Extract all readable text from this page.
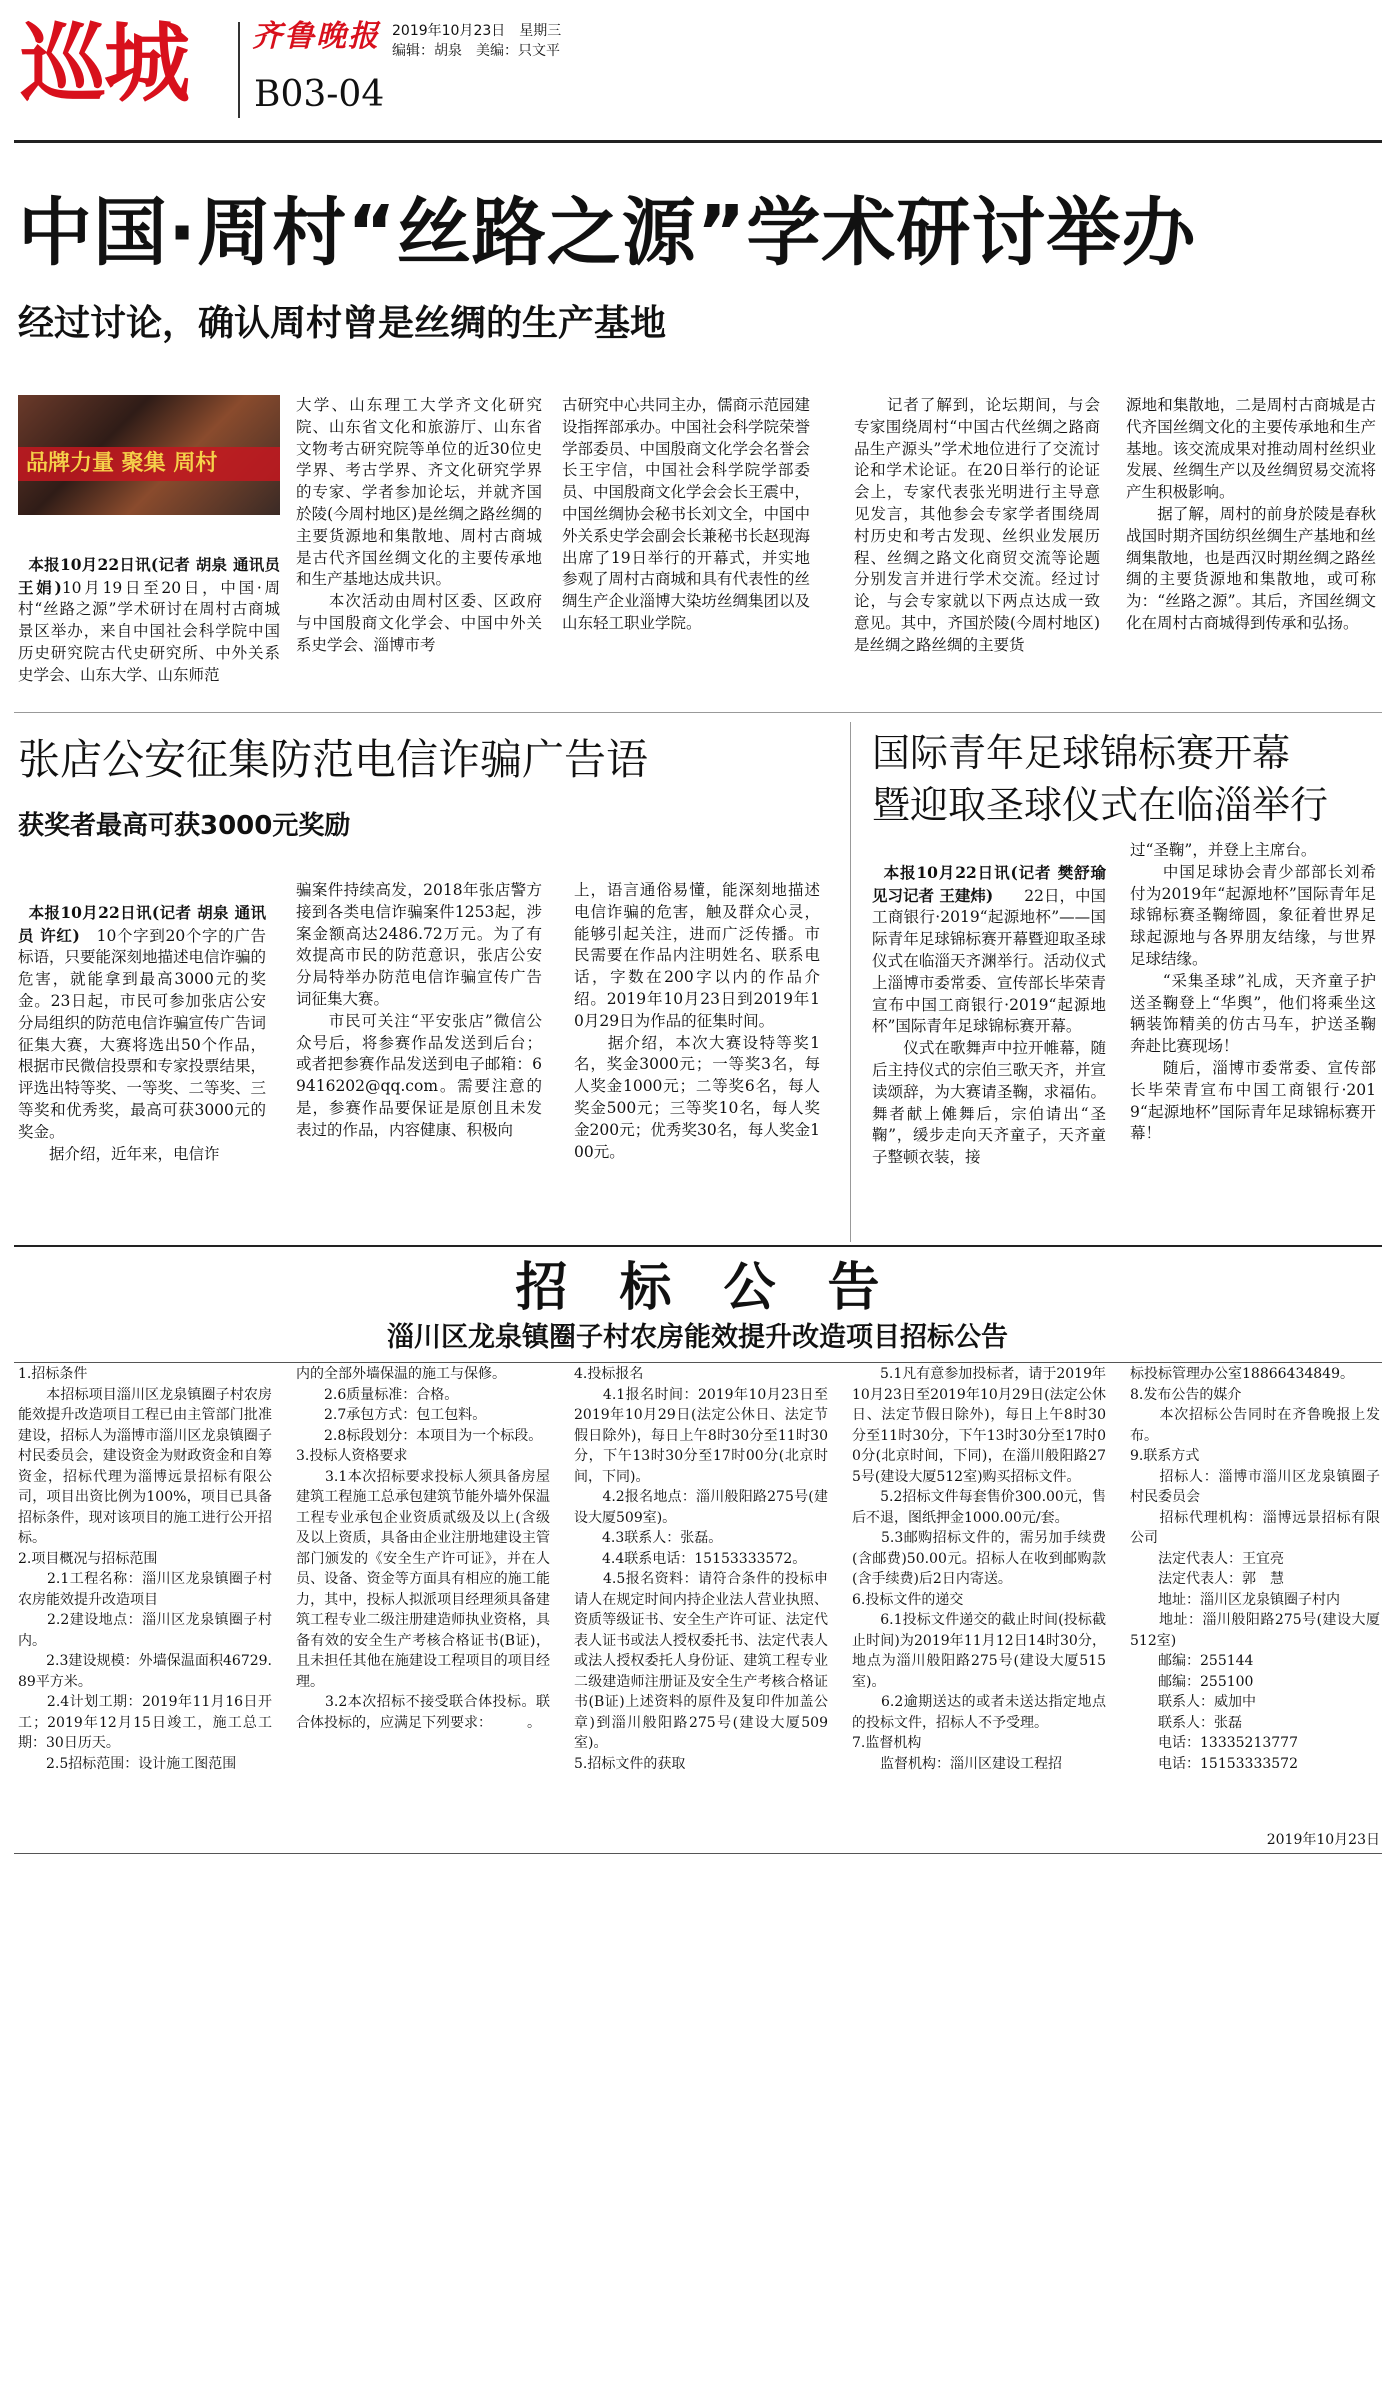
巡城 齐鲁晚报 2019年10月23日　星期三
编辑：胡泉　美编：只文平
B03-04
中国·周村“丝路之源”学术研讨举办
经过讨论，确认周村曾是丝绸的生产基地
品牌力量 聚集 周村

本报10月22日讯(记者 胡泉 通讯员 王娟)10月19日至20日，中国·周村“丝路之源”学术研讨在周村古商城景区举办，来自中国社会科学院中国历史研究院古代史研究所、中外关系史学会、山东大学、山东师范

大学、山东理工大学齐文化研究院、山东省文化和旅游厅、山东省文物考古研究院等单位的近30位史学界、考古学界、齐文化研究学界的专家、学者参加论坛，并就齐国於陵(今周村地区)是丝绸之路丝绸的主要货源地和集散地、周村古商城是古代齐国丝绸文化的主要传承地和生产基地达成共识。
　　本次活动由周村区委、区政府与中国殷商文化学会、中国中外关系史学会、淄博市考
古研究中心共同主办，儒商示范园建设指挥部承办。中国社会科学院荣誉学部委员、中国殷商文化学会名誉会长王宇信，中国社会科学院学部委员、中国殷商文化学会会长王震中，中国丝绸协会秘书长刘文全，中国中外关系史学会副会长兼秘书长赵现海出席了19日举行的开幕式，并实地参观了周村古商城和具有代表性的丝绸生产企业淄博大染坊丝绸集团以及山东轻工职业学院。
　　记者了解到，论坛期间，与会专家围绕周村“中国古代丝绸之路商品生产源头”学术地位进行了交流讨论和学术论证。在20日举行的论证会上，专家代表张光明进行主导意见发言，其他参会专家学者围绕周村历史和考古发现、丝织业发展历程、丝绸之路文化商贸交流等论题分别发言并进行学术交流。经过讨论，与会专家就以下两点达成一致意见。其中，齐国於陵(今周村地区)是丝绸之路丝绸的主要货
源地和集散地，二是周村古商城是古代齐国丝绸文化的主要传承地和生产基地。该交流成果对推动周村丝织业发展、丝绸生产以及丝绸贸易交流将产生积极影响。
　　据了解，周村的前身於陵是春秋战国时期齐国纺织丝绸生产基地和丝绸集散地，也是西汉时期丝绸之路丝绸的主要货源地和集散地，或可称为：“丝路之源”。其后，齐国丝绸文化在周村古商城得到传承和弘扬。
张店公安征集防范电信诈骗广告语
获奖者最高可获3000元奖励

本报10月22日讯(记者 胡泉 通讯员 许红)　 10个字到20个字的广告标语，只要能深刻地描述电信诈骗的危害，就能拿到最高3000元的奖金。23日起，市民可参加张店公安分局组织的防范电信诈骗宣传广告词征集大赛，大赛将选出50个作品，根据市民微信投票和专家投票结果，评选出特等奖、一等奖、二等奖、三等奖和优秀奖，最高可获3000元的奖金。
　　据介绍，近年来，电信诈

骗案件持续高发，2018年张店警方接到各类电信诈骗案件1253起，涉案金额高达2486.72万元。为了有效提高市民的防范意识，张店公安分局特举办防范电信诈骗宣传广告词征集大赛。
　　市民可关注“平安张店”微信公众号后，将参赛作品发送到后台；或者把参赛作品发送到电子邮箱：69416202@qq.com。需要注意的是，参赛作品要保证是原创且未发表过的作品，内容健康、积极向
上，语言通俗易懂，能深刻地描述电信诈骗的危害，触及群众心灵，能够引起关注，进而广泛传播。市民需要在作品内注明姓名、联系电话，字数在200字以内的作品介绍。2019年10月23日到2019年10月29日为作品的征集时间。
　　据介绍，本次大赛设特等奖1名，奖金3000元；一等奖3名，每人奖金1000元；二等奖6名，每人奖金500元；三等奖10名，每人奖金200元；优秀奖30名，每人奖金100元。
国际青年足球锦标赛开幕
暨迎取圣球仪式在临淄举行

本报10月22日讯(记者 樊舒瑜 见习记者 王建炜)　　22日，中国工商银行·2019“起源地杯”——国际青年足球锦标赛开幕暨迎取圣球仪式在临淄天齐渊举行。活动仪式上淄博市委常委、宣传部长毕荣青宣布中国工商银行·2019“起源地杯”国际青年足球锦标赛开幕。
　　仪式在歌舞声中拉开帷幕，随后主持仪式的宗伯三歌天齐，并宣读颂辞，为大赛请圣鞠，求福佑。舞者献上傩舞后，宗伯请出“圣鞠”，缓步走向天齐童子，天齐童子整顿衣装，接

过“圣鞠”，并登上主席台。
　　中国足球协会青少部部长刘希付为2019年“起源地杯”国际青年足球锦标赛圣鞠缔圆，象征着世界足球起源地与各界朋友结缘，与世界足球结缘。
　　“采集圣球”礼成，天齐童子护送圣鞠登上“华舆”，他们将乘坐这辆装饰精美的仿古马车，护送圣鞠奔赴比赛现场！
　　随后，淄博市委常委、宣传部长毕荣青宣布中国工商银行·2019“起源地杯”国际青年足球锦标赛开幕！
招　标　公　告
淄川区龙泉镇圈子村农房能效提升改造项目招标公告
1.招标条件
　　本招标项目淄川区龙泉镇圈子村农房能效提升改造项目工程已由主管部门批准建设，招标人为淄博市淄川区龙泉镇圈子村民委员会，建设资金为财政资金和自筹资金，招标代理为淄博远景招标有限公司，项目出资比例为100%，项目已具备招标条件，现对该项目的施工进行公开招标。
2.项目概况与招标范围
　　2.1工程名称：淄川区龙泉镇圈子村农房能效提升改造项目
　　2.2建设地点：淄川区龙泉镇圈子村内。
　　2.3建设规模：外墙保温面积46729.89平方米。
　　2.4计划工期：2019年11月16日开工；2019年12月15日竣工，施工总工期：30日历天。
　　2.5招标范围：设计施工图范围
内的全部外墙保温的施工与保修。
　　2.6质量标准：合格。
　　2.7承包方式：包工包料。
　　2.8标段划分：本项目为一个标段。
3.投标人资格要求
　　3.1本次招标要求投标人须具备房屋建筑工程施工总承包建筑节能外墙外保温工程专业承包企业资质贰级及以上(含级及以上资质，具备由企业注册地建设主管部门颁发的《安全生产许可证》，并在人员、设备、资金等方面具有相应的施工能力，其中，投标人拟派项目经理须具备建筑工程专业二级注册建造师执业资格，具备有效的安全生产考核合格证书(B证)，且未担任其他在施建设工程项目的项目经理。
　　3.2本次招标不接受联合体投标。联合体投标的，应满足下列要求：　　　。
4.投标报名
　　4.1报名时间：2019年10月23日至2019年10月29日(法定公休日、法定节假日除外)，每日上午8时30分至11时30分，下午13时30分至17时00分(北京时间，下同)。
　　4.2报名地点：淄川般阳路275号(建设大厦509室)。
　　4.3联系人：张磊。
　　4.4联系电话：15153333572。
　　4.5报名资料：请符合条件的投标申请人在规定时间内持企业法人营业执照、资质等级证书、安全生产许可证、法定代表人证书或法人授权委托书、法定代表人或法人授权委托人身份证、建筑工程专业二级建造师注册证及安全生产考核合格证书(B证)上述资料的原件及复印件加盖公章)到淄川般阳路275号(建设大厦509室)。
5.招标文件的获取
　　5.1凡有意参加投标者，请于2019年10月23日至2019年10月29日(法定公休日、法定节假日除外)，每日上午8时30分至11时30分，下午13时30分至17时00分(北京时间，下同)，在淄川般阳路275号(建设大厦512室)购买招标文件。
　　5.2招标文件每套售价300.00元，售后不退，图纸押金1000.00元/套。
　　5.3邮购招标文件的，需另加手续费(含邮费)50.00元。招标人在收到邮购款(含手续费)后2日内寄送。
6.投标文件的递交
　　6.1投标文件递交的截止时间(投标截止时间)为2019年11月12日14时30分，地点为淄川般阳路275号(建设大厦515室)。
　　6.2逾期送达的或者未送达指定地点的投标文件，招标人不予受理。
7.监督机构
　　监督机构：淄川区建设工程招
标投标管理办公室18866434849。
8.发布公告的媒介
　　本次招标公告同时在齐鲁晚报上发布。
9.联系方式
　　招标人：淄博市淄川区龙泉镇圈子村民委员会
　　招标代理机构：淄博远景招标有限公司
　　法定代表人：王宜亮
　　法定代表人：郭　慧
　　地址：淄川区龙泉镇圈子村内
　　地址：淄川般阳路275号(建设大厦512室)
　　邮编：255144
　　邮编：255100
　　联系人：威加中
　　联系人：张磊
　　电话：13335213777
　　电话：15153333572
2019年10月23日
